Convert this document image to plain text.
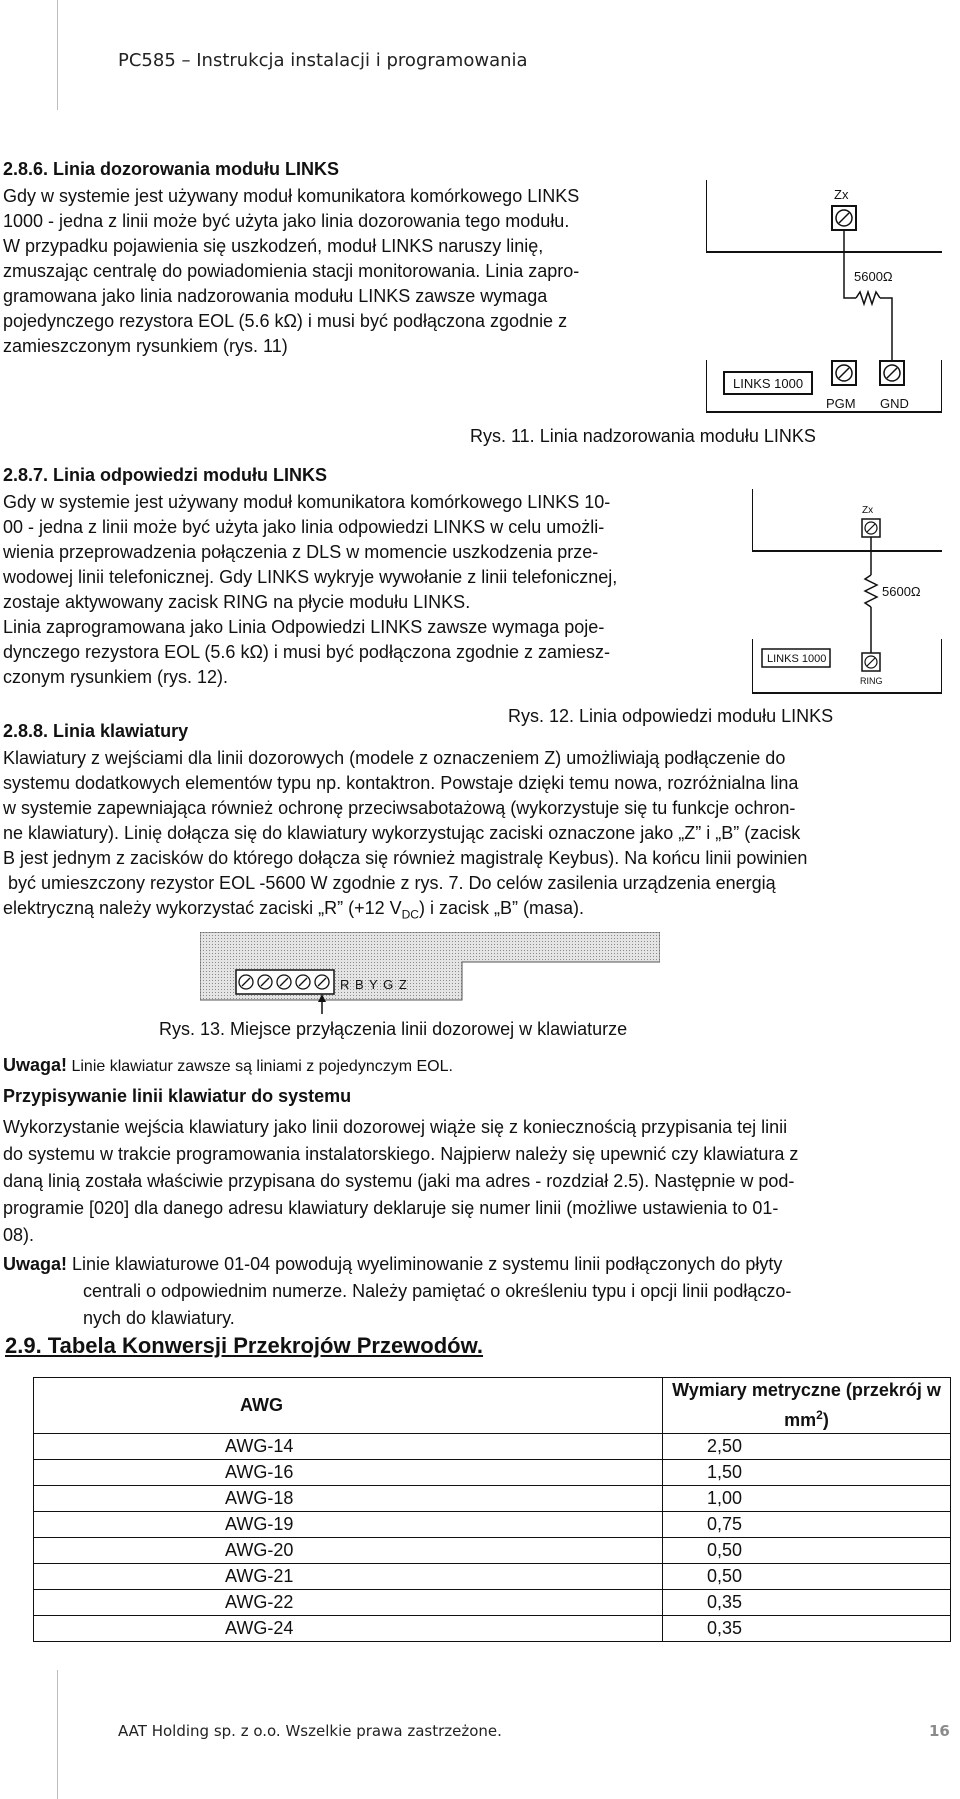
PC585 – Instrukcja instalacji i programowania
2.8.6. Linia dozorowania modułu LINKS

Gdy w systemie jest używany moduł komunikatora komórkowego LINKS

1000 - jedna z linii może być użyta jako linia dozorowania tego modułu.

W przypadku pojawienia się uszkodzeń, moduł LINKS naruszy linię,

zmuszając centralę do powiadomienia stacji monitorowania. Linia zapro-

gramowana jako linia nadzorowania modułu LINKS zawsze wymaga

pojedynczego rezystora EOL (5.6 kΩ) i musi być podłączona zgodnie z

zamieszczonym rysunkiem (rys. 11)

Zx
5600Ω
LINKS 1000
PGM GND
Rys. 11. Linia nadzorowania modułu LINKS
2.8.7. Linia odpowiedzi modułu LINKS

Gdy w systemie jest używany moduł komunikatora komórkowego LINKS 10-

00 - jedna z linii może być użyta jako linia odpowiedzi LINKS w celu umożli-

wienia przeprowadzenia połączenia z DLS w momencie uszkodzenia prze-

wodowej linii telefonicznej. Gdy LINKS wykryje wywołanie z linii telefonicznej,

zostaje aktywowany zacisk RING na płycie modułu LINKS.

Linia zaprogramowana jako Linia Odpowiedzi LINKS zawsze wymaga poje-

dynczego rezystora EOL (5.6 kΩ) i musi być podłączona zgodnie z zamiesz-

czonym rysunkiem (rys. 12).

Zx
5600Ω
LINKS 1000
RING
Rys. 12. Linia odpowiedzi modułu LINKS
2.8.8. Linia klawiatury

Klawiatury z wejściami dla linii dozorowych (modele z oznaczeniem Z) umożliwiają podłączenie do

systemu dodatkowych elementów typu np. kontaktron. Powstaje dzięki temu nowa, rozróżnialna lina

w systemie zapewniająca również ochronę przeciwsabotażową (wykorzystuje się tu funkcje ochron-

ne klawiatury). Linię dołącza się do klawiatury wykorzystując zaciski oznaczone jako „Z” i „B” (zacisk

B jest jednym z zacisków do którego dołącza się również magistralę Keybus). Na końcu linii powinien

być umieszczony rezystor EOL -5600 W zgodnie z rys. 7. Do celów zasilenia urządzenia energią

elektryczną należy wykorzystać zaciski „R” (+12 $V_{DC}$) i zacisk „B” (masa).

R B Y G Z
Rys. 13. Miejsce przyłączenia linii dozorowej w klawiaturze
Uwaga! Linie klawiatur zawsze są liniami z pojedynczym EOL.
Przypisywanie linii klawiatur do systemu

Wykorzystanie wejścia klawiatury jako linii dozorowej wiąże się z koniecznością przypisania tej linii

do systemu w trakcie programowania instalatorskiego. Najpierw należy się upewnić czy klawiatura z

daną linią została właściwie przypisana do systemu (jaki ma adres - rozdział 2.5). Następnie w pod-

programie [020] dla danego adresu klawiatury deklaruje się numer linii (możliwe ustawienia to 01-

08).

Uwaga! Linie klawiaturowe 01-04 powodują wyeliminowanie z systemu linii podłączonych do płyty

centrali o odpowiednim numerze. Należy pamiętać o określeniu typu i opcji linii podłączo-

nych do klawiatury.

2.9. Tabela Konwersji Przekrojów Przewodów.
AWG	Wymiary metryczne (przekrój w $mm^2$)
AWG-14	2,50
AWG-16	1,50
AWG-18	1,00
AWG-19	0,75
AWG-20	0,50
AWG-21	0,50
AWG-22	0,35
AWG-24	0,35
AAT Holding sp. z o.o. Wszelkie prawa zastrzeżone.	16
